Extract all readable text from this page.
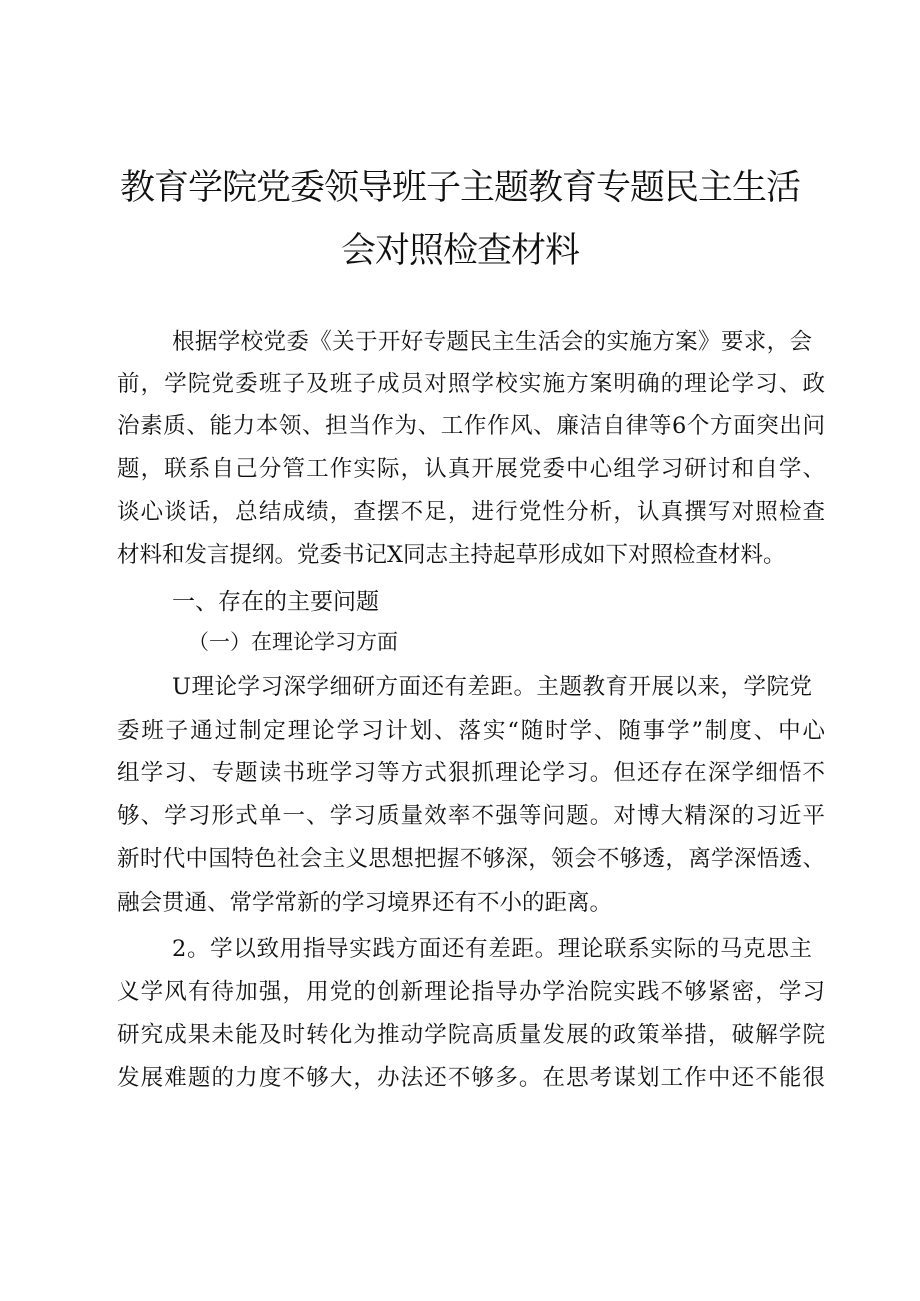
教育学院党委领导班子主题教育专题民主生活
会对照检查材料
根据学校党委《关于开好专题民主生活会的实施方案》要求，会
前，学院党委班子及班子成员对照学校实施方案明确的理论学习、政
治素质、能力本领、担当作为、工作作风、廉洁自律等6个方面突出问
题，联系自己分管工作实际，认真开展党委中心组学习研讨和自学、
谈心谈话，总结成绩，查摆不足，进行党性分析，认真撰写对照检查
材料和发言提纲。党委书记X同志主持起草形成如下对照检查材料。
一、存在的主要问题
（一）在理论学习方面
U理论学习深学细研方面还有差距。主题教育开展以来，学院党
委班子通过制定理论学习计划、落实“随时学、随事学”制度、中心
组学习、专题读书班学习等方式狠抓理论学习。但还存在深学细悟不
够、学习形式单一、学习质量效率不强等问题。对博大精深的习近平
新时代中国特色社会主义思想把握不够深，领会不够透，离学深悟透、
融会贯通、常学常新的学习境界还有不小的距离。
2。学以致用指导实践方面还有差距。理论联系实际的马克思主
义学风有待加强，用党的创新理论指导办学治院实践不够紧密，学习
研究成果未能及时转化为推动学院高质量发展的政策举措，破解学院
发展难题的力度不够大，办法还不够多。在思考谋划工作中还不能很
